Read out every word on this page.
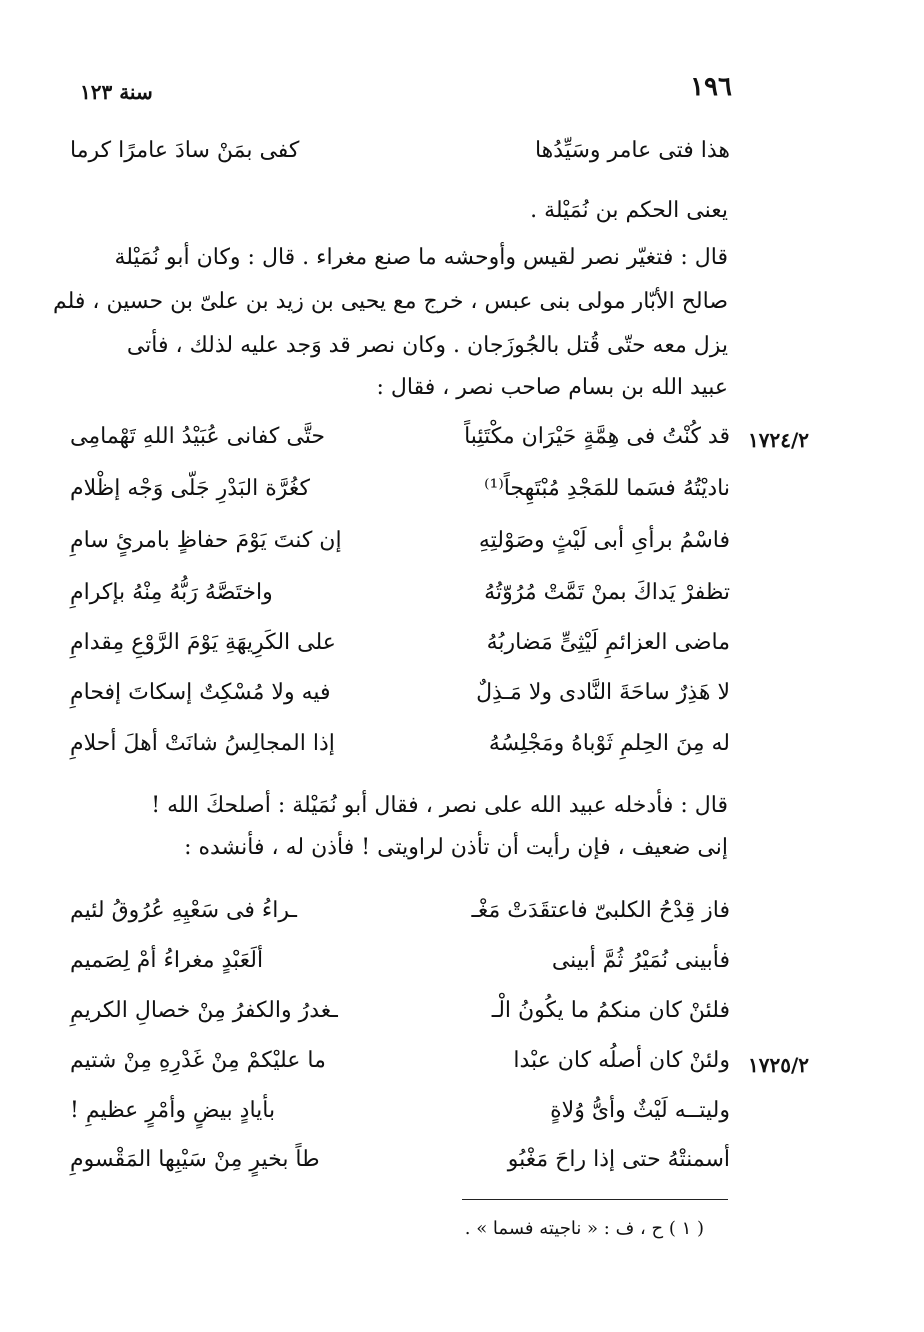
١٩٦
سنة ١٢٣
هذا فتى عامر وسَيِّدُها
كفى بمَنْ سادَ عامرًا كرما
يعنى الحكم بن نُمَيْلة .
قال : فتغيّر نصر لقيس وأوحشه ما صنع مغراء . قال : وكان أبو نُمَيْلة
صالح الأبّار مولى بنى عبس ، خرج مع يحيى بن زيد بن علىّ بن حسين ، فلم
يزل معه حتّى قُتل بالجُوزَجان . وكان نصر قد وَجد عليه لذلك ، فأتى
عبيد الله بن بسام صاحب نصر ، فقال :
١٧٢٤/٢
قد كُنْتُ فى هِمَّةٍ حَيْرَان مكْتَئِباً
حتَّى كفانى عُبَيْدُ اللهِ تَهْمامِى
ناديْتُهُ فسَما للمَجْدِ مُبْتَهِجاً⁽¹⁾
كغُرَّة البَدْرِ جَلّى وَجْه إظْلام
فاسْمُ برأىِ أبى لَيْثٍ وصَوْلتِهِ
إن كنتَ يَوْمَ حفاظٍ بامرئٍ سامِ
تظفرْ يَداكَ بمنْ تَمَّتْ مُرُوّتُهُ
واختَصَّهُ رَبُّهُ مِنْهُ بإكرامِ
ماضى العزائمِ لَيْثِىٍّ مَضاربُهُ
على الكَرِيهَةِ يَوْمَ الرَّوْعِ مِقدامِ
لا هَذِرٌ ساحَةَ النَّادى ولا مَـذِلٌ
فيه ولا مُسْكِتٌ إسكاتَ إفحامِ
له مِنَ الحِلمِ ثَوْباهُ ومَجْلِسُهُ
إذا المجالِسُ شانَتْ أهلَ أحلامِ
قال : فأدخله عبيد الله على نصر ، فقال أبو نُمَيْلة : أصلحكَ الله !
إنى ضعيف ، فإن رأيت أن تأذن لراويتى ! فأذن له ، فأنشده :
فاز قِدْحُ الكلبىّ فاعتقَدَتْ مَغْـ
ـراءُ فى سَعْيِهِ عُرُوقُ لئيم
فأبينى نُمَيْرُ ثُمَّ أبينى
ألَعَبْدٍ مغراءُ أمْ لِصَميم
فلئنْ كان منكمُ ما يكُونُ الْـ
ـغدرُ والكفرُ مِنْ خصالِ الكريمِ
١٧٢٥/٢
ولئنْ كان أصلُه كان عبْدا
ما عليْكمْ مِنْ غَدْرِهِ مِنْ شتيم
وليتــه لَيْثٌ وأىُّ وُلاةٍ
بأيادٍ بيضٍ وأمْرٍ عظيمِ !
أسمنتْهُ حتى إذا راحَ مَغْبُو
طاً بخيرٍ مِنْ سَيْبِها المَقْسومِ
( ١ ) ح ، ف : « ناجيته فسما » .
